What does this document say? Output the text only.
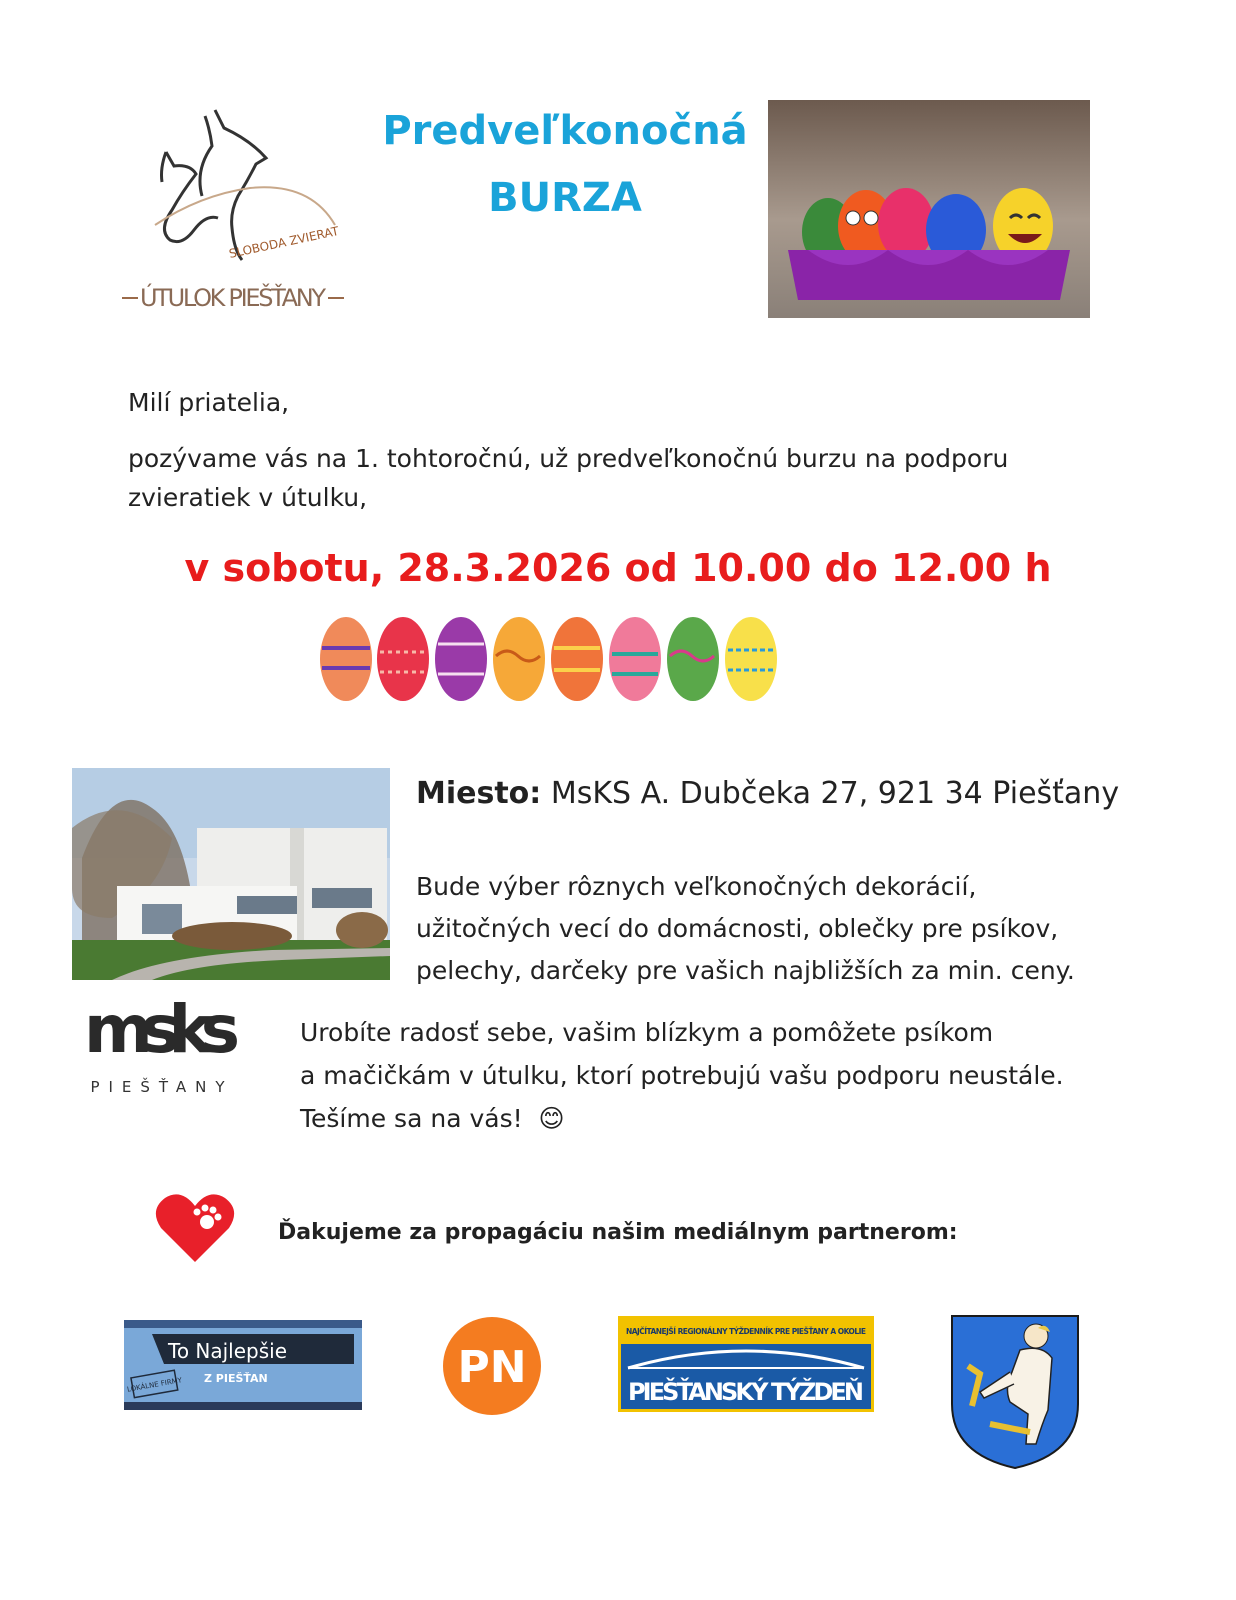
SLOBODA ZVIERAT
ÚTULOK PIEŠŤANY
Predveľkonočná
BURZA
Milí priatelia,
pozývame vás na 1. tohtoročnú, už predveľkonočnú burzu na podporu
zvieratiek v útulku,
v sobotu, 28.3.2026 od 10.00 do 12.00 h
Miesto: MsKS A. Dubčeka 27, 921 34 Piešťany
Bude výber rôznych veľkonočných dekorácií,
užitočných vecí do domácnosti, oblečky pre psíkov,
pelechy, darčeky pre vašich najbližších za min. ceny.
msks
PIEŠŤANY
Urobíte radosť sebe, vašim blízkym a pomôžete psíkom
a mačičkám v útulku, ktorí potrebujú vašu podporu neustále.
Tešíme sa na vás! 😊
Ďakujeme za propagáciu našim mediálnym partnerom:
To Najlepšie
Z PIEŠŤAN
LOKÁLNE FIRMY	PN
NAJČÍTANEJŠÍ REGIONÁLNY TÝŽDENNÍK PRE PIEŠŤANY A OKOLIE
PIEŠŤANSKÝ TÝŽDEŇ
